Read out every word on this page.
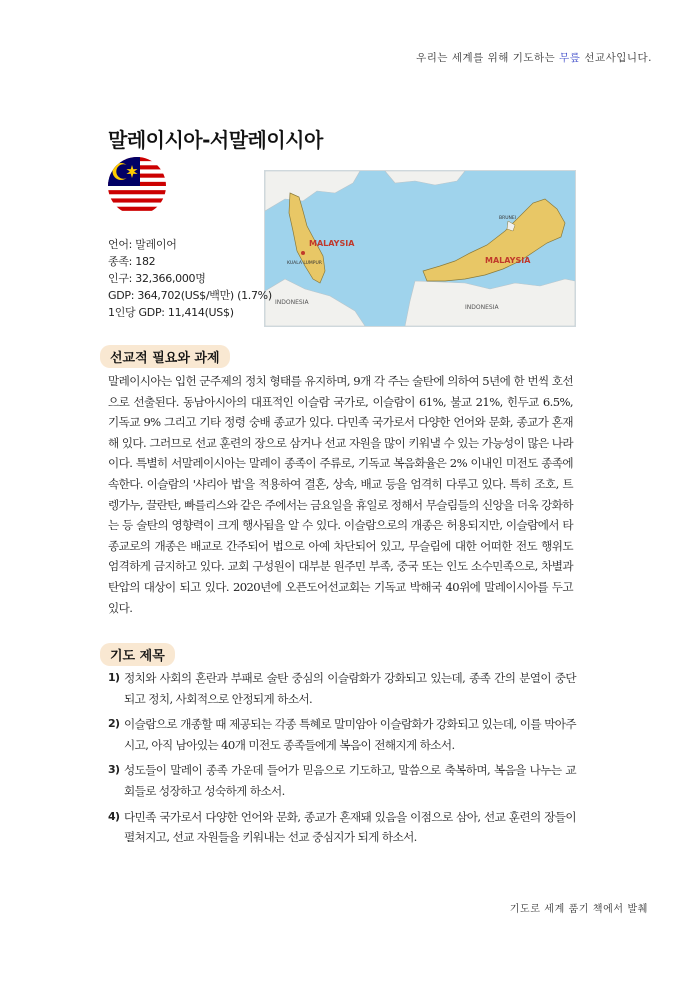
우리는 세계를 위해 기도하는 무릎 선교사입니다.
말레이시아-서말레이시아
MALAYSIA
MALAYSIA
KUALA LUMPUR
INDONESIA
INDONESIA
BRUNEI
언어: 말레이어
종족: 182
인구: 32,366,000명
GDP: 364,702(US$/백만) (1.7%)
1인당 GDP: 11,414(US$)
선교적 필요와 과제
말레이시아는 입헌 군주제의 정치 형태를 유지하며, 9개 각 주는 술탄에 의하여 5년에 한 번씩 호선으로 선출된다. 동남아시아의 대표적인 이슬람 국가로, 이슬람이 61%, 불교 21%, 힌두교 6.5%, 기독교 9% 그리고 기타 정령 숭배 종교가 있다. 다민족 국가로서 다양한 언어와 문화, 종교가 혼재해 있다. 그러므로 선교 훈련의 장으로 삼거나 선교 자원을 많이 키워낼 수 있는 가능성이 많은 나라이다. 특별히 서말레이시아는 말레이 종족이 주류로, 기독교 복음화율은 2% 이내인 미전도 종족에 속한다. 이슬람의 '샤리아 법'을 적용하여 결혼, 상속, 배교 등을 엄격히 다루고 있다. 특히 조호, 트렝가누, 끌란탄, 빠를리스와 같은 주에서는 금요일을 휴일로 정해서 무슬림들의 신앙을 더욱 강화하는 등 술탄의 영향력이 크게 행사됨을 알 수 있다. 이슬람으로의 개종은 허용되지만, 이슬람에서 타종교로의 개종은 배교로 간주되어 법으로 아예 차단되어 있고, 무슬림에 대한 어떠한 전도 행위도 엄격하게 금지하고 있다. 교회 구성원이 대부분 원주민 부족, 중국 또는 인도 소수민족으로, 차별과 탄압의 대상이 되고 있다. 2020년에 오픈도어선교회는 기독교 박해국 40위에 말레이시아를 두고 있다.
기도 제목
1) 정치와 사회의 혼란과 부패로 술탄 중심의 이슬람화가 강화되고 있는데, 종족 간의 분열이 중단되고 정치, 사회적으로 안정되게 하소서.
2) 이슬람으로 개종할 때 제공되는 각종 특혜로 말미암아 이슬람화가 강화되고 있는데, 이를 막아주시고, 아직 남아있는 40개 미전도 종족들에게 복음이 전해지게 하소서.
3) 성도들이 말레이 종족 가운데 들어가 믿음으로 기도하고, 말씀으로 축복하며, 복음을 나누는 교회들로 성장하고 성숙하게 하소서.
4) 다민족 국가로서 다양한 언어와 문화, 종교가 혼재돼 있음을 이점으로 삼아, 선교 훈련의 장들이 펼쳐지고, 선교 자원들을 키워내는 선교 중심지가 되게 하소서.
기도로 세계 품기 책에서 발췌
